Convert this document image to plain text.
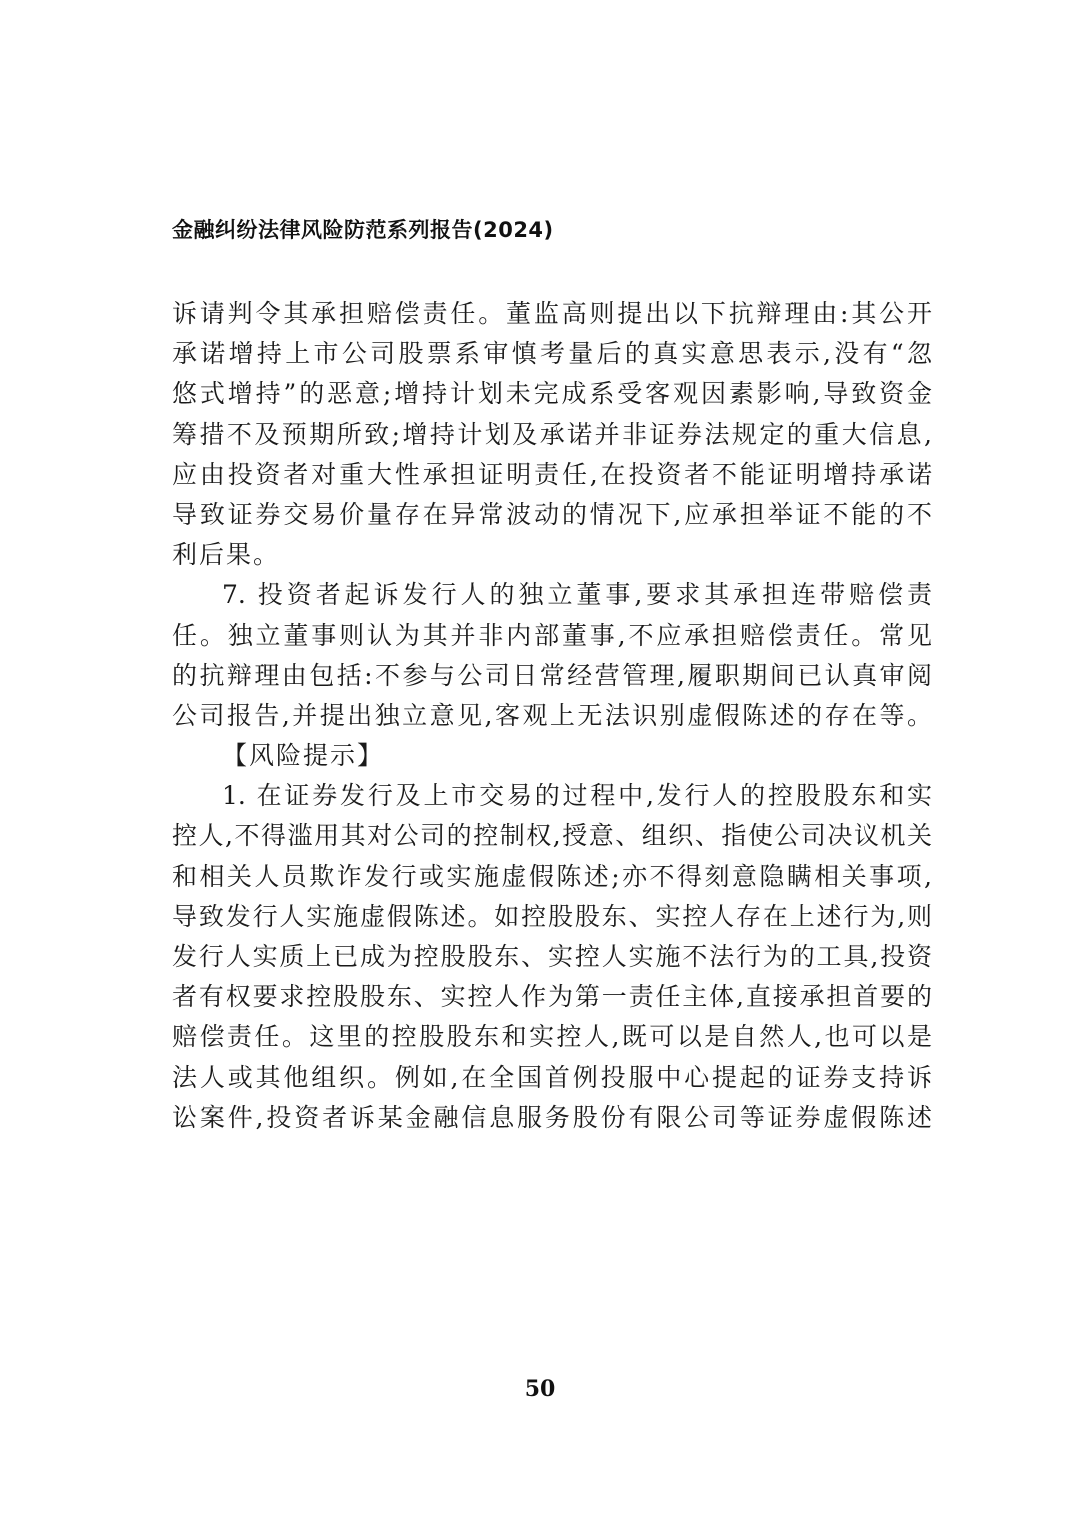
金融纠纷法律风险防范系列报告(2024)
诉请判令其承担赔偿责任。董监高则提出以下抗辩理由:其公开
承诺增持上市公司股票系审慎考量后的真实意思表示,没有“忽
悠式增持”的恶意;增持计划未完成系受客观因素影响,导致资金
筹措不及预期所致;增持计划及承诺并非证券法规定的重大信息,
应由投资者对重大性承担证明责任,在投资者不能证明增持承诺
导致证券交易价量存在异常波动的情况下,应承担举证不能的不
利后果。
7. 投资者起诉发行人的独立董事,要求其承担连带赔偿责
任。独立董事则认为其并非内部董事,不应承担赔偿责任。常见
的抗辩理由包括:不参与公司日常经营管理,履职期间已认真审阅
公司报告,并提出独立意见,客观上无法识别虚假陈述的存在等。
【风险提示】
1. 在证券发行及上市交易的过程中,发行人的控股股东和实
控人,不得滥用其对公司的控制权,授意、组织、指使公司决议机关
和相关人员欺诈发行或实施虚假陈述;亦不得刻意隐瞒相关事项,
导致发行人实施虚假陈述。如控股股东、实控人存在上述行为,则
发行人实质上已成为控股股东、实控人实施不法行为的工具,投资
者有权要求控股股东、实控人作为第一责任主体,直接承担首要的
赔偿责任。这里的控股股东和实控人,既可以是自然人,也可以是
法人或其他组织。例如,在全国首例投服中心提起的证券支持诉
讼案件,投资者诉某金融信息服务股份有限公司等证券虚假陈述
50
